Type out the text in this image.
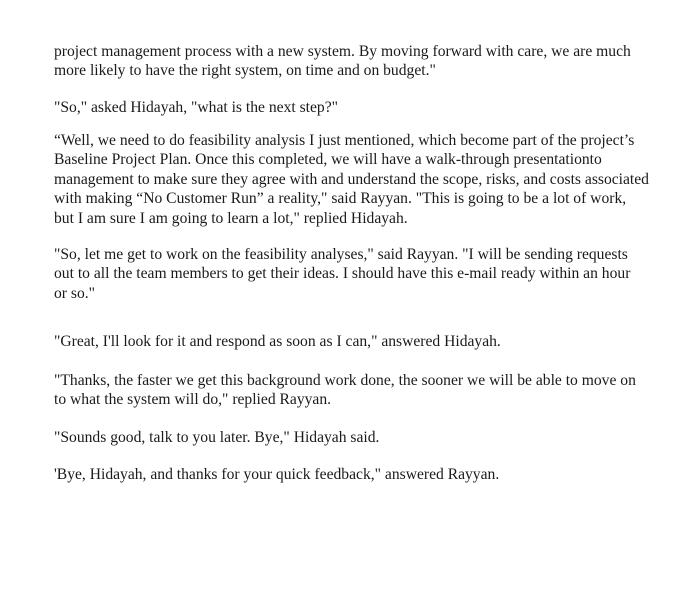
project management process with a new system. By moving forward with care, we are much
more likely to have the right system, on time and on budget."
"So," asked Hidayah, "what is the next step?"
“Well, we need to do feasibility analysis I just mentioned, which become part of the project’s
Baseline Project Plan. Once this completed, we will have a walk-through presentationto
management to make sure they agree with and understand the scope, risks, and costs associated
with making “No Customer Run” a reality," said Rayyan. "This is going to be a lot of work,
but I am sure I am going to learn a lot," replied Hidayah.
"So, let me get to work on the feasibility analyses," said Rayyan. "I will be sending requests
out to all the team members to get their ideas. I should have this e-mail ready within an hour
or so."
"Great, I'll look for it and respond as soon as I can," answered Hidayah.
"Thanks, the faster we get this background work done, the sooner we will be able to move on
to what the system will do," replied Rayyan.
"Sounds good, talk to you later. Bye," Hidayah said.
'Bye, Hidayah, and thanks for your quick feedback," answered Rayyan.
